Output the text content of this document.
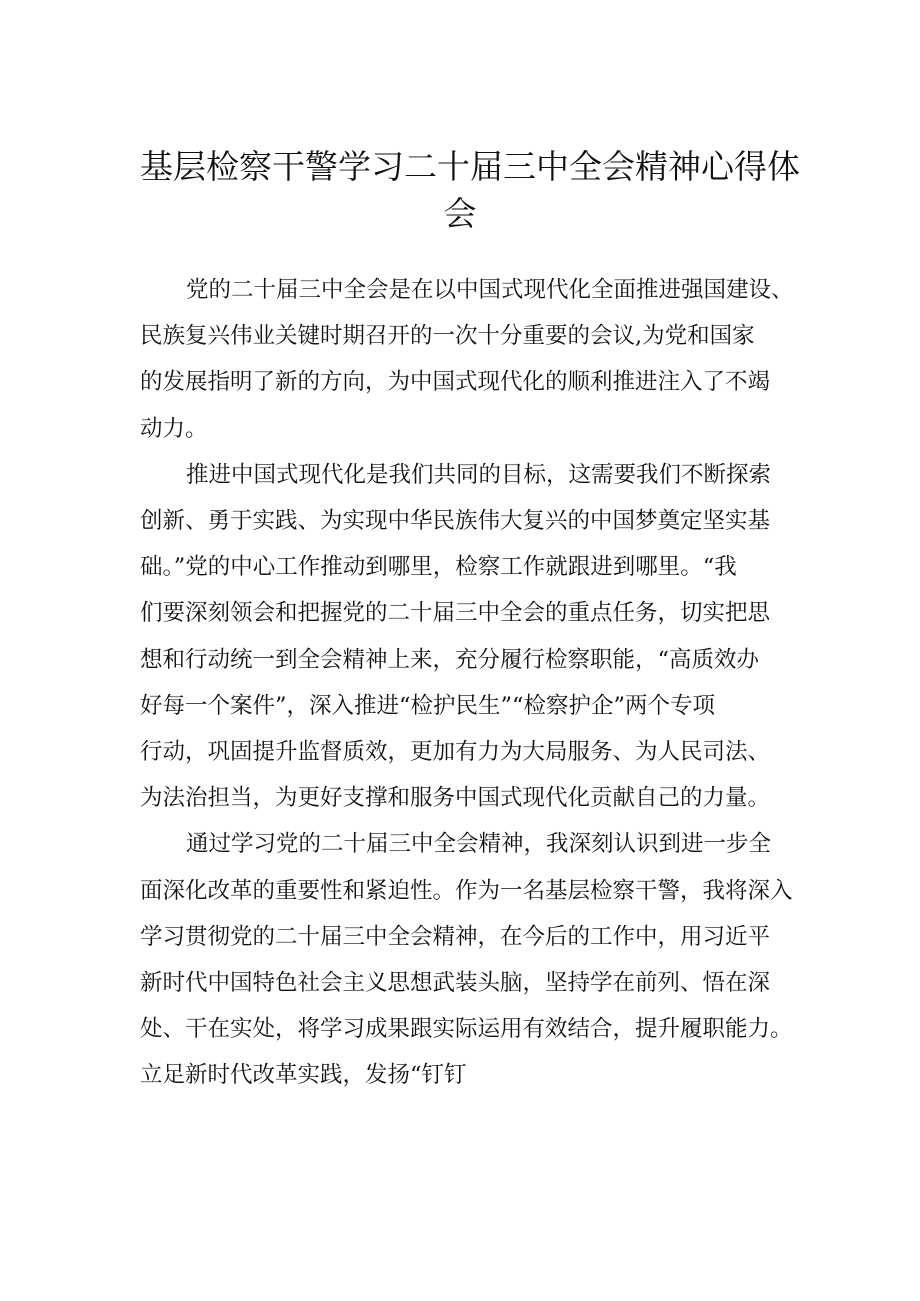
基层检察干警学习二十届三中全会精神心得体
会

党的二十届三中全会是在以中国式现代化全面推进强国建设、
民族复兴伟业关键时期召开的一次十分重要的会议,为党和国家
的发展指明了新的方向，为中国式现代化的顺利推进注入了不竭
动力。

推进中国式现代化是我们共同的目标，这需要我们不断探索
创新、勇于实践、为实现中华民族伟大复兴的中国梦奠定坚实基
础。”党的中心工作推动到哪里，检察工作就跟进到哪里。“我
们要深刻领会和把握党的二十届三中全会的重点任务，切实把思
想和行动统一到全会精神上来，充分履行检察职能，“高质效办
好每一个案件”，深入推进“检护民生”“检察护企”两个专项
行动，巩固提升监督质效，更加有力为大局服务、为人民司法、
为法治担当，为更好支撑和服务中国式现代化贡献自己的力量。

通过学习党的二十届三中全会精神，我深刻认识到进一步全
面深化改革的重要性和紧迫性。作为一名基层检察干警，我将深入
学习贯彻党的二十届三中全会精神，在今后的工作中，用习近平
新时代中国特色社会主义思想武装头脑，坚持学在前列、悟在深
处、干在实处，将学习成果跟实际运用有效结合，提升履职能力。
立足新时代改革实践，发扬“钉钉
